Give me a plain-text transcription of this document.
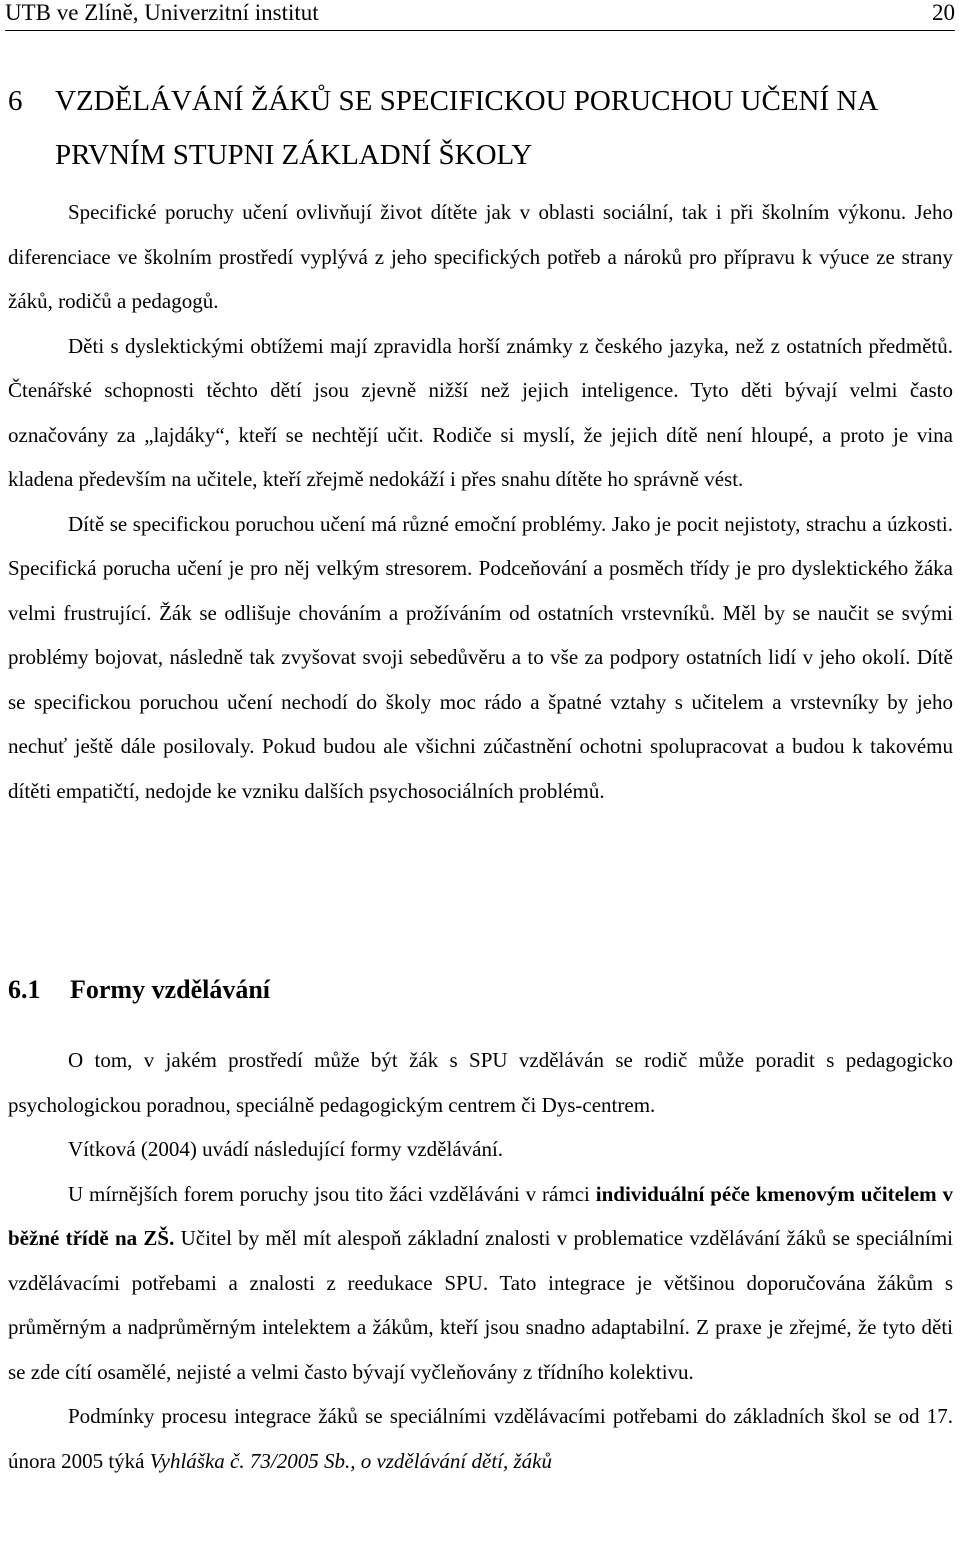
UTB ve Zlíně, Univerzitní institut	20
6 VZDĚLÁVÁNÍ ŽÁKŮ SE SPECIFICKOU PORUCHOU UČENÍ NA PRVNÍM STUPNI ZÁKLADNÍ ŠKOLY

Specifické poruchy učení ovlivňují život dítěte jak v oblasti sociální, tak i při školním výkonu. Jeho diferenciace ve školním prostředí vyplývá z jeho specifických potřeb a nároků pro přípravu k výuce ze strany žáků, rodičů a pedagogů.

Děti s dyslektickými obtížemi mají zpravidla horší známky z českého jazyka, než z ostatních předmětů. Čtenářské schopnosti těchto dětí jsou zjevně nižší než jejich inteligence. Tyto děti bývají velmi často označovány za „lajdáky“, kteří se nechtějí učit. Rodiče si myslí, že jejich dítě není hloupé, a proto je vina kladena především na učitele, kteří zřejmě nedokáží i přes snahu dítěte ho správně vést.

Dítě se specifickou poruchou učení má různé emoční problémy. Jako je pocit nejistoty, strachu a úzkosti. Specifická porucha učení je pro něj velkým stresorem. Podceňování a posměch třídy je pro dyslektického žáka velmi frustrující. Žák se odlišuje chováním a prožíváním od ostatních vrstevníků. Měl by se naučit se svými problémy bojovat, následně tak zvyšovat svoji sebedůvěru a to vše za podpory ostatních lidí v jeho okolí. Dítě se specifickou poruchou učení nechodí do školy moc rádo a špatné vztahy s učitelem a vrstevníky by jeho nechuť ještě dále posilovaly. Pokud budou ale všichni zúčastnění ochotni spolupracovat a budou k takovému dítěti empatičtí, nedojde ke vzniku dalších psychosociálních problémů.

6.1 Formy vzdělávání

O tom, v jakém prostředí může být žák s SPU vzděláván se rodič může poradit s pedagogicko psychologickou poradnou, speciálně pedagogickým centrem či Dys-centrem.

Vítková (2004) uvádí následující formy vzdělávání.

U mírnějších forem poruchy jsou tito žáci vzděláváni v rámci individuální péče kmenovým učitelem v běžné třídě na ZŠ. Učitel by měl mít alespoň základní znalosti v problematice vzdělávání žáků se speciálními vzdělávacími potřebami a znalosti z reedukace SPU. Tato integrace je většinou doporučována žákům s průměrným a nadprůměrným intelektem a žákům, kteří jsou snadno adaptabilní. Z praxe je zřejmé, že tyto děti se zde cítí osamělé, nejisté a velmi často bývají vyčleňovány z třídního kolektivu.

Podmínky procesu integrace žáků se speciálními vzdělávacími potřebami do základních škol se od 17. února 2005 týká Vyhláška č. 73/2005 Sb., o vzdělávání dětí, žáků
